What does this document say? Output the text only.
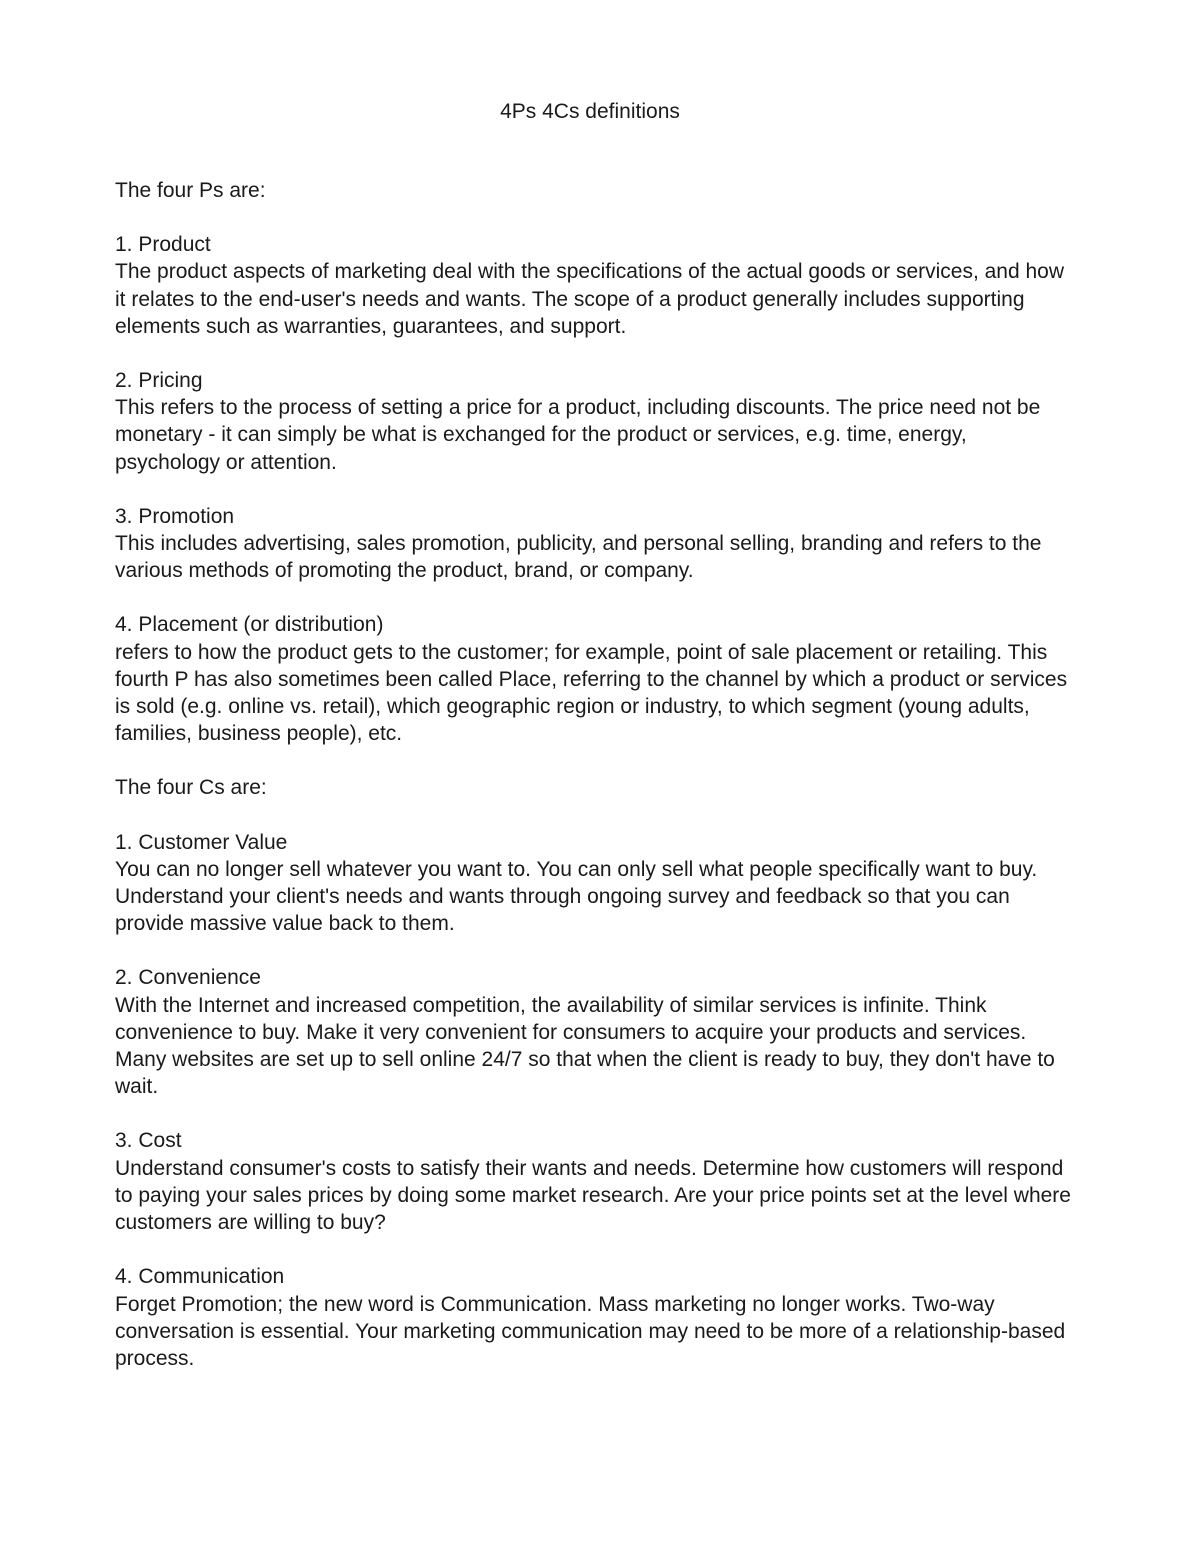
4Ps 4Cs definitions

The four Ps are:

1. Product

The product aspects of marketing deal with the specifications of the actual goods or services, and how it relates to the end-user's needs and wants. The scope of a product generally includes supporting elements such as warranties, guarantees, and support.

2. Pricing

This refers to the process of setting a price for a product, including discounts. The price need not be monetary - it can simply be what is exchanged for the product or services, e.g. time, energy, psychology or attention.

3. Promotion

This includes advertising, sales promotion, publicity, and personal selling, branding and refers to the various methods of promoting the product, brand, or company.

4. Placement (or distribution)

refers to how the product gets to the customer; for example, point of sale placement or retailing. This fourth P has also sometimes been called Place, referring to the channel by which a product or services is sold (e.g. online vs. retail), which geographic region or industry, to which segment (young adults, families, business people), etc.

The four Cs are:

1. Customer Value

You can no longer sell whatever you want to. You can only sell what people specifically want to buy. Understand your client's needs and wants through ongoing survey and feedback so that you can provide massive value back to them.

2. Convenience

With the Internet and increased competition, the availability of similar services is infinite. Think convenience to buy. Make it very convenient for consumers to acquire your products and services. Many websites are set up to sell online 24/7 so that when the client is ready to buy, they don't have to wait.

3. Cost

Understand consumer's costs to satisfy their wants and needs. Determine how customers will respond to paying your sales prices by doing some market research. Are your price points set at the level where customers are willing to buy?

4. Communication

Forget Promotion; the new word is Communication. Mass marketing no longer works. Two-way conversation is essential. Your marketing communication may need to be more of a relationship-based process.
